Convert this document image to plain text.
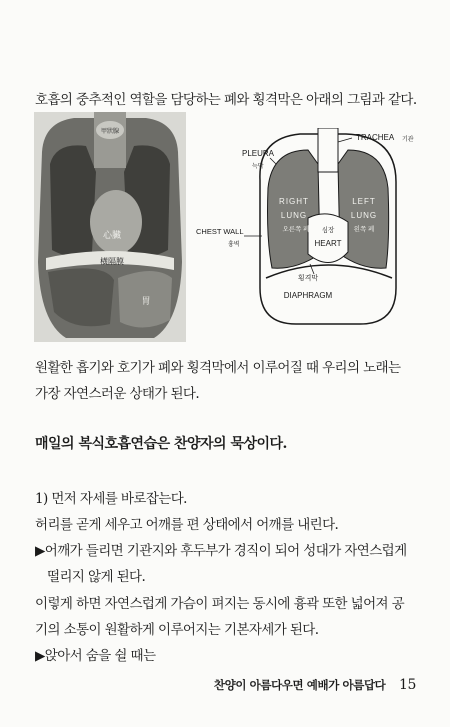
호흡의 중추적인 역할을 담당하는 폐와 횡격막은 아래의 그림과 같다.
心臟
橫隔膜
胃
甲狀腺
TRACHEA 기관
PLEURA
늑막
RIGHT
LUNG
오른쪽 폐
LEFT
LUNG
왼쪽 폐
심장
HEART
CHEST WALL
흉벽
횡격막
DIAPHRAGM
원활한 흡기와 호기가 폐와 횡격막에서 이루어질 때 우리의 노래는
가장 자연스러운 상태가 된다.
매일의 복식호흡연습은 찬양자의 묵상이다.
1) 먼저 자세를 바로잡는다.
허리를 곧게 세우고 어깨를 편 상태에서 어깨를 내린다.
▶어깨가 들리면 기관지와 후두부가 경직이 되어 성대가 자연스럽게
떨리지 않게 된다.
이렇게 하면 자연스럽게 가슴이 펴지는 동시에 흉곽 또한 넓어져 공
기의 소통이 원활하게 이루어지는 기본자세가 된다.
▶앉아서 숨을 쉴 때는
찬양이 아름다우면 예배가 아름답다 15
